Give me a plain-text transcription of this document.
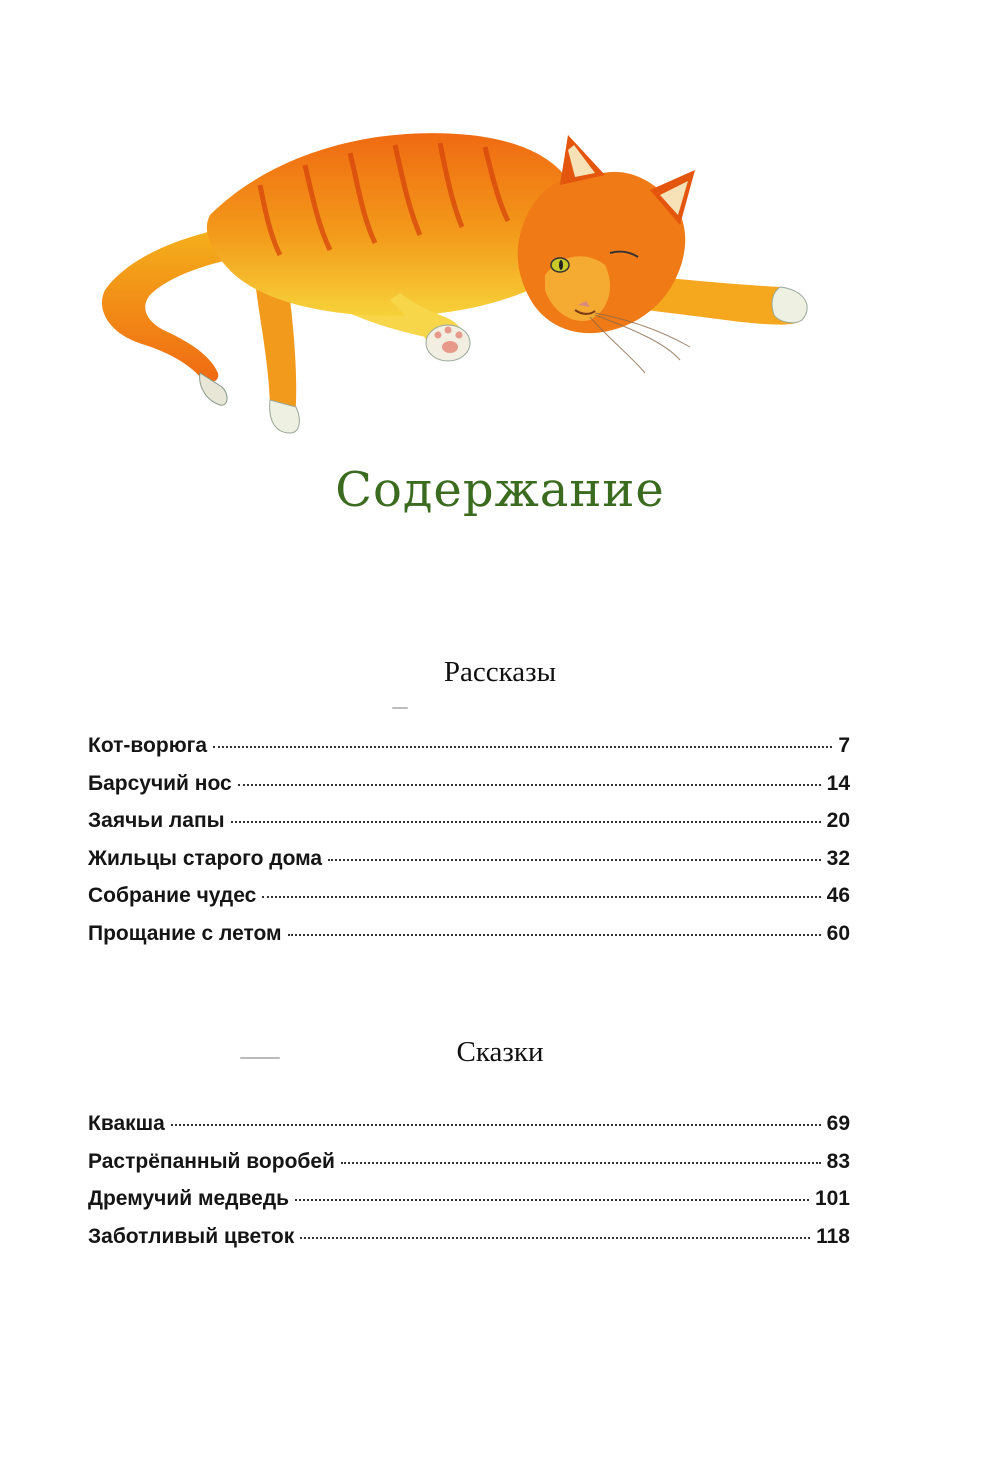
Содержание
Рассказы
Кот-ворюга	7
Барсучий нос	14
Заячьи лапы	20
Жильцы старого дома	32
Собрание чудес	46
Прощание с летом	60
Сказки
Квакша	69
Растрёпанный воробей	83
Дремучий медведь	101
Заботливый цветок	118
